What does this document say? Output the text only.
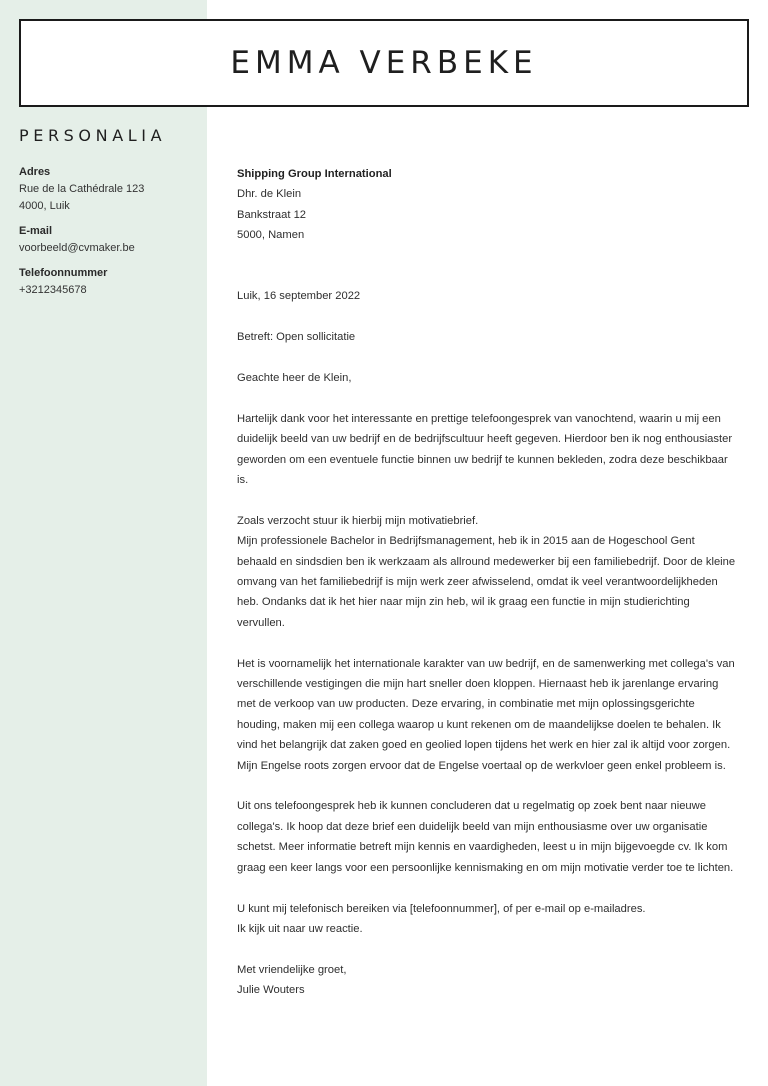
EMMA VERBEKE
PERSONALIA
Adres
Rue de la Cathédrale 123
4000, Luik
E-mail
voorbeeld@cvmaker.be
Telefoonnummer
+3212345678

Shipping Group International

Dhr. de Klein

Bankstraat 12

5000, Namen

Luik, 16 september 2022

Betreft: Open sollicitatie

Geachte heer de Klein,

Hartelijk dank voor het interessante en prettige telefoongesprek van vanochtend, waarin u mij een duidelijk beeld van uw bedrijf en de bedrijfscultuur heeft gegeven. Hierdoor ben ik nog enthousiaster geworden om een eventuele functie binnen uw bedrijf te kunnen bekleden, zodra deze beschikbaar is.

Zoals verzocht stuur ik hierbij mijn motivatiebrief.

Mijn professionele Bachelor in Bedrijfsmanagement, heb ik in 2015 aan de Hogeschool Gent behaald en sindsdien ben ik werkzaam als allround medewerker bij een familiebedrijf. Door de kleine omvang van het familiebedrijf is mijn werk zeer afwisselend, omdat ik veel verantwoordelijkheden heb. Ondanks dat ik het hier naar mijn zin heb, wil ik graag een functie in mijn studierichting vervullen.

Het is voornamelijk het internationale karakter van uw bedrijf, en de samenwerking met collega's van verschillende vestigingen die mijn hart sneller doen kloppen. Hiernaast heb ik jarenlange ervaring met de verkoop van uw producten. Deze ervaring, in combinatie met mijn oplossingsgerichte houding, maken mij een collega waarop u kunt rekenen om de maandelijkse doelen te behalen. Ik vind het belangrijk dat zaken goed en geolied lopen tijdens het werk en hier zal ik altijd voor zorgen. Mijn Engelse roots zorgen ervoor dat de Engelse voertaal op de werkvloer geen enkel probleem is.

Uit ons telefoongesprek heb ik kunnen concluderen dat u regelmatig op zoek bent naar nieuwe collega's. Ik hoop dat deze brief een duidelijk beeld van mijn enthousiasme over uw organisatie schetst. Meer informatie betreft mijn kennis en vaardigheden, leest u in mijn bijgevoegde cv. Ik kom graag een keer langs voor een persoonlijke kennismaking en om mijn motivatie verder toe te lichten.

U kunt mij telefonisch bereiken via [telefoonnummer], of per e-mail op e-mailadres.

Ik kijk uit naar uw reactie.

Met vriendelijke groet,

Julie Wouters
